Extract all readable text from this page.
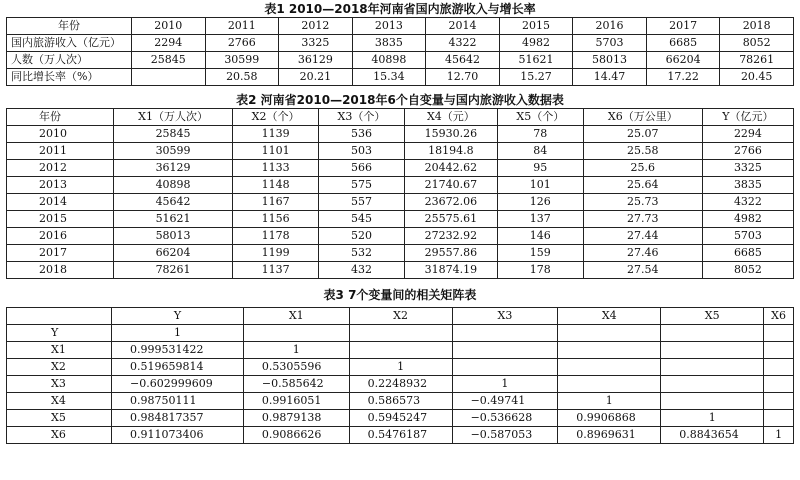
表1 2010—2018年河南省国内旅游收入与增长率
年份	2010	2011	2012	2013	2014	2015	2016	2017	2018
国内旅游收入（亿元）	2294	2766	3325	3835	4322	4982	5703	6685	8052
人数（万人次）	25845	30599	36129	40898	45642	51621	58013	66204	78261
同比增长率（%）		20.58	20.21	15.34	12.70	15.27	14.47	17.22	20.45
表2 河南省2010—2018年6个自变量与国内旅游收入数据表
年份	X1（万人次）	X2（个）	X3（个）	X4（元）	X5（个）	X6（万公里）	Y（亿元）
2010	25845	1139	536	15930.26	78	25.07	2294
2011	30599	1101	503	18194.8	84	25.58	2766
2012	36129	1133	566	20442.62	95	25.6	3325
2013	40898	1148	575	21740.67	101	25.64	3835
2014	45642	1167	557	23672.06	126	25.73	4322
2015	51621	1156	545	25575.61	137	27.73	4982
2016	58013	1178	520	27232.92	146	27.44	5703
2017	66204	1199	532	29557.86	159	27.46	6685
2018	78261	1137	432	31874.19	178	27.54	8052
表3 7个变量间的相关矩阵表
	Y	X1	X2	X3	X4	X5	X6
Y	1						
X1	0.999531422	1					
X2	0.519659814	0.5305596	1				
X3	−0.602999609	−0.585642	0.2248932	1			
X4	0.98750111	0.9916051	0.586573	−0.49741	1		
X5	0.984817357	0.9879138	0.5945247	−0.536628	0.9906868	1	
X6	0.911073406	0.9086626	0.5476187	−0.587053	0.8969631	0.8843654	1
